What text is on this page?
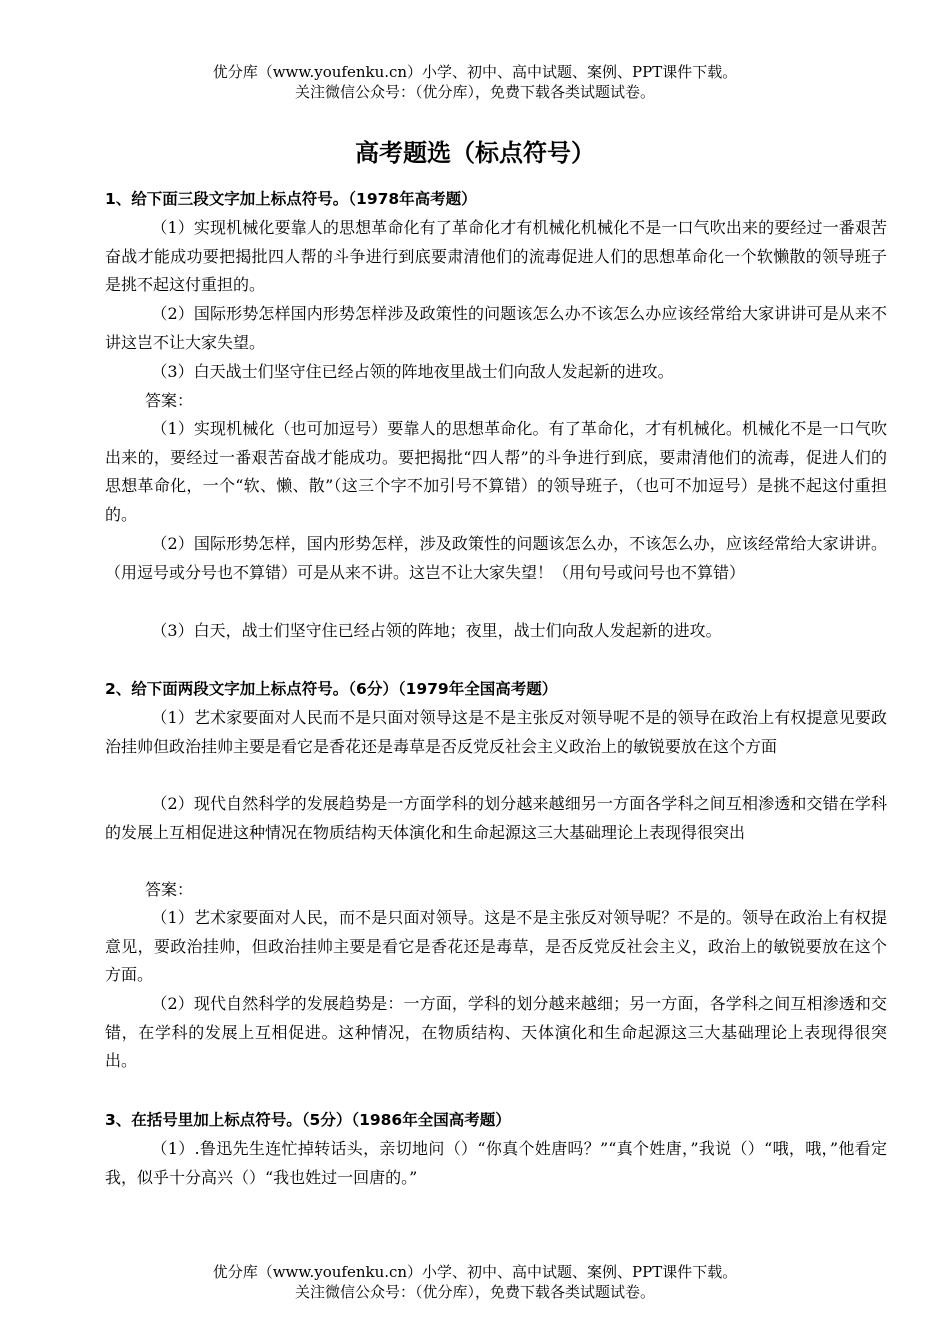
优分库（www.youfenku.cn）小学、初中、高中试题、案例、PPT课件下载。
关注微信公众号：（优分库），免费下载各类试题试卷。
高考题选（标点符号）
1、给下面三段文字加上标点符号。（1978年高考题）
（1）实现机械化要靠人的思想革命化有了革命化才有机械化机械化不是一口气吹出来的要经过一番艰苦奋战才能成功要把揭批四人帮的斗争进行到底要肃清他们的流毒促进人们的思想革命化一个软懒散的领导班子是挑不起这付重担的。
（2）国际形势怎样国内形势怎样涉及政策性的问题该怎么办不该怎么办应该经常给大家讲讲可是从来不讲这岂不让大家失望。
（3）白天战士们坚守住已经占领的阵地夜里战士们向敌人发起新的进攻。
答案：
（1）实现机械化（也可加逗号）要靠人的思想革命化。有了革命化，才有机械化。机械化不是一口气吹出来的，要经过一番艰苦奋战才能成功。要把揭批“四人帮”的斗争进行到底，要肃清他们的流毒，促进人们的思想革命化，一个“软、懒、散”（这三个字不加引号不算错）的领导班子，（也可不加逗号）是挑不起这付重担的。
（2）国际形势怎样，国内形势怎样，涉及政策性的问题该怎么办，不该怎么办，应该经常给大家讲讲。（用逗号或分号也不算错）可是从来不讲。这岂不让大家失望！（用句号或问号也不算错）
（3）白天，战士们坚守住已经占领的阵地；夜里，战士们向敌人发起新的进攻。
2、给下面两段文字加上标点符号。（6分）（1979年全国高考题）
（1）艺术家要面对人民而不是只面对领导这是不是主张反对领导呢不是的领导在政治上有权提意见要政治挂帅但政治挂帅主要是看它是香花还是毒草是否反党反社会主义政治上的敏锐要放在这个方面
（2）现代自然科学的发展趋势是一方面学科的划分越来越细另一方面各学科之间互相渗透和交错在学科的发展上互相促进这种情况在物质结构天体演化和生命起源这三大基础理论上表现得很突出
答案：
（1）艺术家要面对人民，而不是只面对领导。这是不是主张反对领导呢？不是的。领导在政治上有权提意见，要政治挂帅，但政治挂帅主要是看它是香花还是毒草，是否反党反社会主义，政治上的敏锐要放在这个方面。
（2）现代自然科学的发展趋势是：一方面，学科的划分越来越细；另一方面，各学科之间互相渗透和交错，在学科的发展上互相促进。这种情况，在物质结构、天体演化和生命起源这三大基础理论上表现得很突出。
3、在括号里加上标点符号。（5分）（1986年全国高考题）
（1）.鲁迅先生连忙掉转话头，亲切地问（）“你真个姓唐吗？”“真个姓唐，”我说（）“哦，哦，”他看定我，似乎十分高兴（）“我也姓过一回唐的。”
优分库（www.youfenku.cn）小学、初中、高中试题、案例、PPT课件下载。
关注微信公众号：（优分库），免费下载各类试题试卷。
